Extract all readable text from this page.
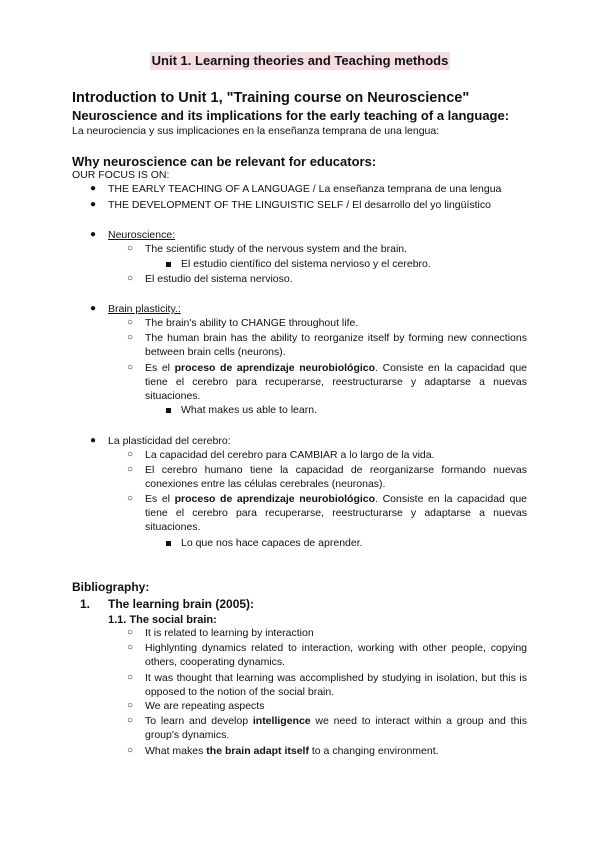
Unit 1. Learning theories and Teaching methods
Introduction to Unit 1, "Training course on Neuroscience"
Neuroscience and its implications for the early teaching of a language:
La neurociencia y sus implicaciones en la enseñanza temprana de una lengua:
Why neuroscience can be relevant for educators:
OUR FOCUS IS ON:
● THE EARLY TEACHING OF A LANGUAGE / La enseñanza temprana de una lengua
● THE DEVELOPMENT OF THE LINGUISTIC SELF / El desarrollo del yo lingüístico
● Neuroscience:
○ The scientific study of the nervous system and the brain.
El estudio científico del sistema nervioso y el cerebro.
○ El estudio del sistema nervioso.
● Brain plasticity.:
○ The brain's ability to CHANGE throughout life.
○ The human brain has the ability to reorganize itself by forming new connections between brain cells (neurons).
○ Es el proceso de aprendizaje neurobiológico. Consiste en la capacidad que tiene el cerebro para recuperarse, reestructurarse y adaptarse a nuevas situaciones.
What makes us able to learn.
● La plasticidad del cerebro:
○ La capacidad del cerebro para CAMBIAR a lo largo de la vida.
○ El cerebro humano tiene la capacidad de reorganizarse formando nuevas conexiones entre las células cerebrales (neuronas).
○ Es el proceso de aprendizaje neurobiológico. Consiste en la capacidad que tiene el cerebro para recuperarse, reestructurarse y adaptarse a nuevas situaciones.
Lo que nos hace capaces de aprender.
Bibliography:
1. The learning brain (2005):
1.1. The social brain:
○ It is related to learning by interaction
○ Highlynting dynamics related to interaction, working with other people, copying others, cooperating dynamics.
○ It was thought that learning was accomplished by studying in isolation, but this is opposed to the notion of the social brain.
○ We are repeating aspects
○ To learn and develop intelligence we need to interact within a group and this group's dynamics.
○ What makes the brain adapt itself to a changing environment.
